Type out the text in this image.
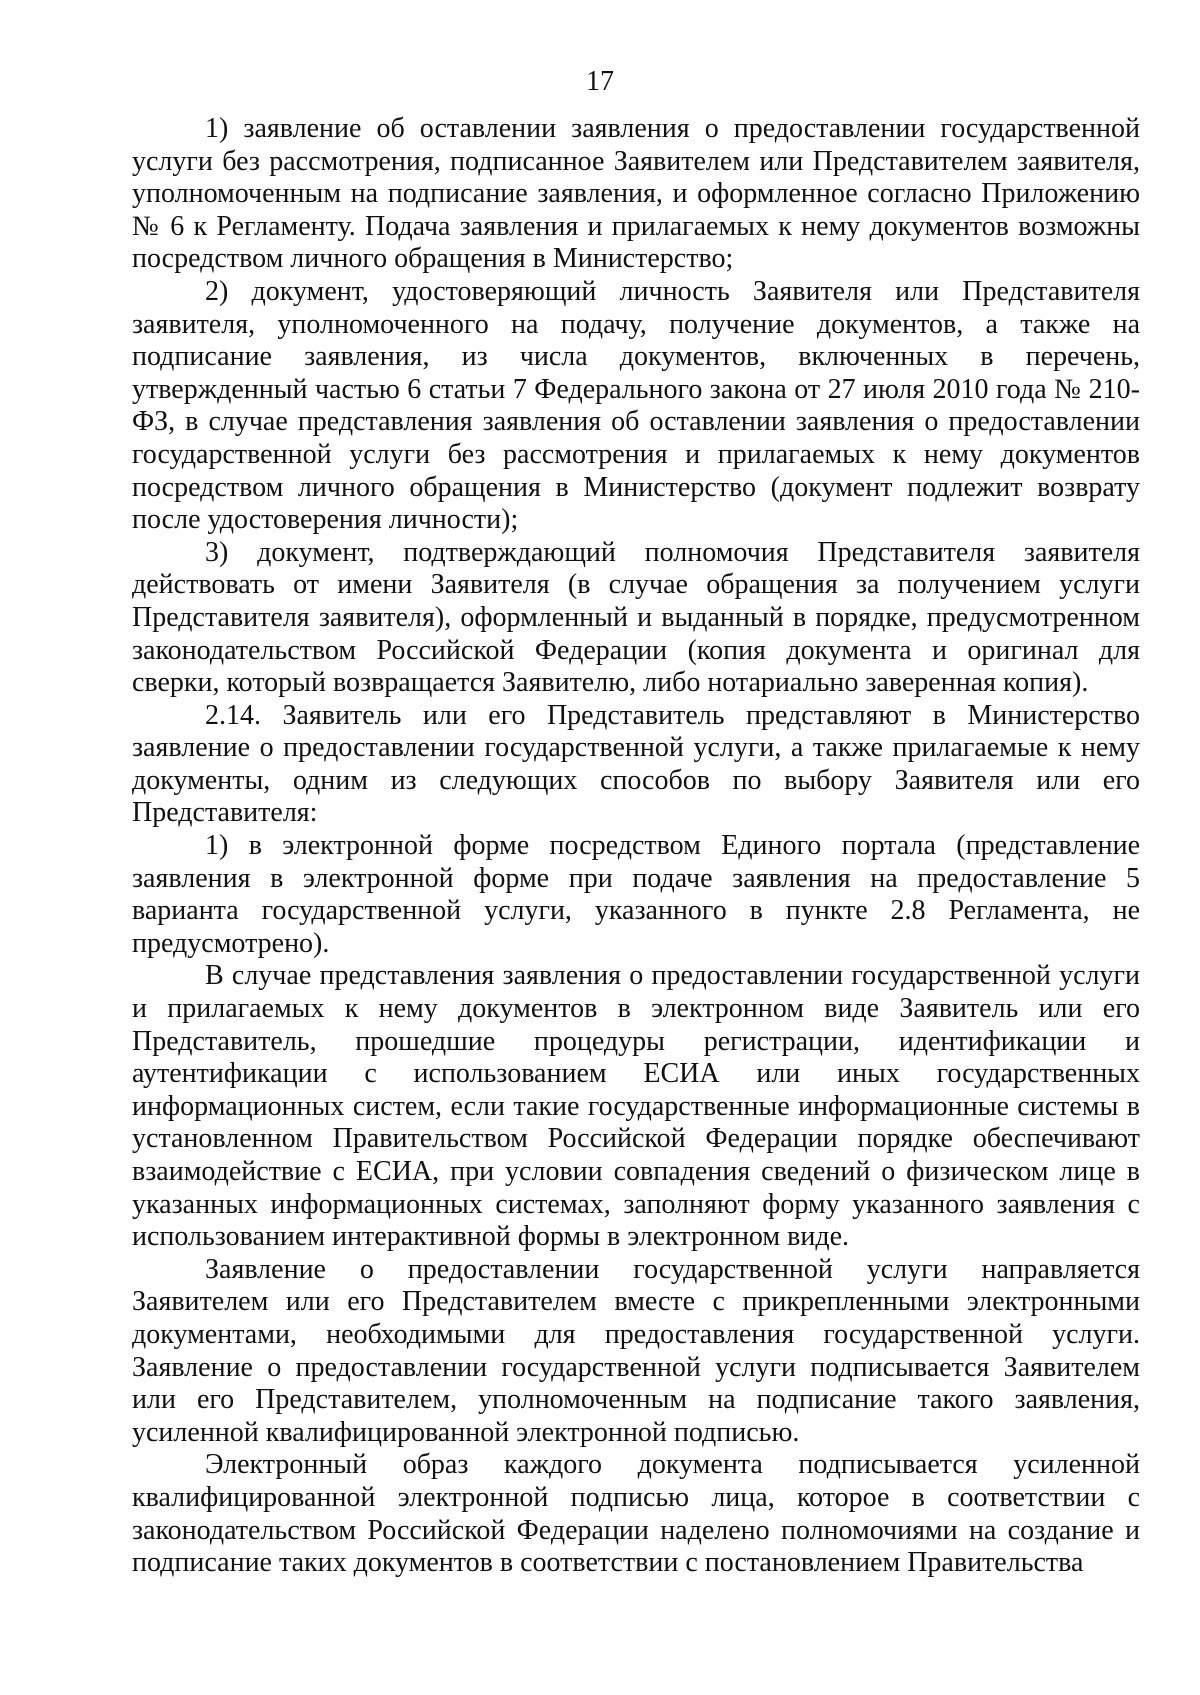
17

1) заявление об оставлении заявления о предоставлении государственной услуги без рассмотрения, подписанное Заявителем или Представителем заявителя, уполномоченным на подписание заявления, и оформленное согласно Приложению № 6 к Регламенту. Подача заявления и прилагаемых к нему документов возможны посредством личного обращения в Министерство;

2) документ, удостоверяющий личность Заявителя или Представителя заявителя, уполномоченного на подачу, получение документов, а также на подписание заявления, из числа документов, включенных в перечень, утвержденный частью 6 статьи 7 Федерального закона от 27 июля 2010 года № 210-ФЗ, в случае представления заявления об оставлении заявления о предоставлении государственной услуги без рассмотрения и прилагаемых к нему документов посредством личного обращения в Министерство (документ подлежит возврату после удостоверения личности);

3) документ, подтверждающий полномочия Представителя заявителя действовать от имени Заявителя (в случае обращения за получением услуги Представителя заявителя), оформленный и выданный в порядке, предусмотренном законодательством Российской Федерации (копия документа и оригинал для сверки, который возвращается Заявителю, либо нотариально заверенная копия).

2.14. Заявитель или его Представитель представляют в Министерство заявление о предоставлении государственной услуги, а также прилагаемые к нему документы, одним из следующих способов по выбору Заявителя или его Представителя:

1) в электронной форме посредством Единого портала (представление заявления в электронной форме при подаче заявления на предоставление 5 варианта государственной услуги, указанного в пункте 2.8 Регламента, не предусмотрено).

В случае представления заявления о предоставлении государственной услуги и прилагаемых к нему документов в электронном виде Заявитель или его Представитель, прошедшие процедуры регистрации, идентификации и аутентификации с использованием ЕСИА или иных государственных информационных систем, если такие государственные информационные системы в установленном Правительством Российской Федерации порядке обеспечивают взаимодействие с ЕСИА, при условии совпадения сведений о физическом лице в указанных информационных системах, заполняют форму указанного заявления с использованием интерактивной формы в электронном виде.

Заявление о предоставлении государственной услуги направляется Заявителем или его Представителем вместе с прикрепленными электронными документами, необходимыми для предоставления государственной услуги. Заявление о предоставлении государственной услуги подписывается Заявителем или его Представителем, уполномоченным на подписание такого заявления, усиленной квалифицированной электронной подписью.

Электронный образ каждого документа подписывается усиленной квалифицированной электронной подписью лица, которое в соответствии с законодательством Российской Федерации наделено полномочиями на создание и подписание таких документов в соответствии с постановлением Правительства
